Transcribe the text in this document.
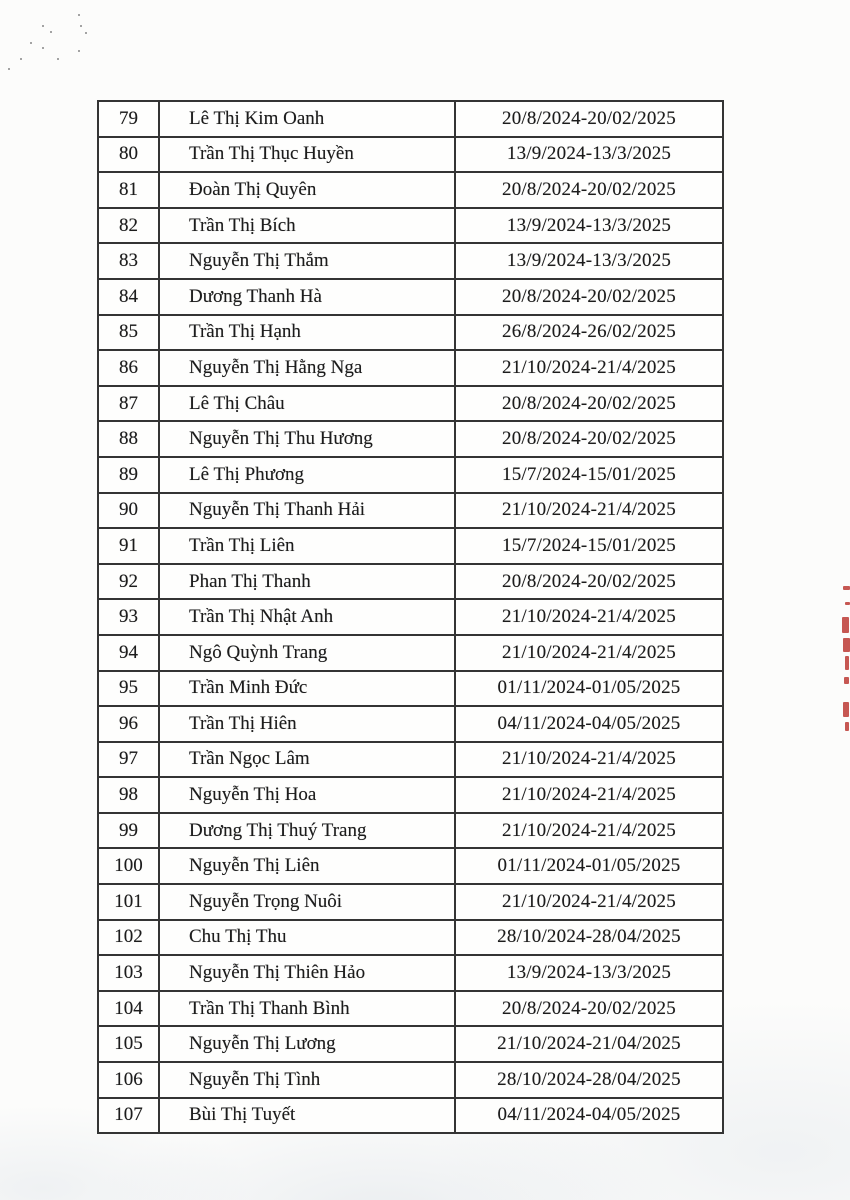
79	Lê Thị Kim Oanh	20/8/2024-20/02/2025
80	Trần Thị Thục Huyền	13/9/2024-13/3/2025
81	Đoàn Thị Quyên	20/8/2024-20/02/2025
82	Trần Thị Bích	13/9/2024-13/3/2025
83	Nguyễn Thị Thắm	13/9/2024-13/3/2025
84	Dương Thanh Hà	20/8/2024-20/02/2025
85	Trần Thị Hạnh	26/8/2024-26/02/2025
86	Nguyễn Thị Hằng Nga	21/10/2024-21/4/2025
87	Lê Thị Châu	20/8/2024-20/02/2025
88	Nguyễn Thị Thu Hương	20/8/2024-20/02/2025
89	Lê Thị Phương	15/7/2024-15/01/2025
90	Nguyễn Thị Thanh Hải	21/10/2024-21/4/2025
91	Trần Thị Liên	15/7/2024-15/01/2025
92	Phan Thị Thanh	20/8/2024-20/02/2025
93	Trần Thị Nhật Anh	21/10/2024-21/4/2025
94	Ngô Quỳnh Trang	21/10/2024-21/4/2025
95	Trần Minh Đức	01/11/2024-01/05/2025
96	Trần Thị Hiên	04/11/2024-04/05/2025
97	Trần Ngọc Lâm	21/10/2024-21/4/2025
98	Nguyễn Thị Hoa	21/10/2024-21/4/2025
99	Dương Thị Thuý Trang	21/10/2024-21/4/2025
100	Nguyễn Thị Liên	01/11/2024-01/05/2025
101	Nguyễn Trọng Nuôi	21/10/2024-21/4/2025
102	Chu Thị Thu	28/10/2024-28/04/2025
103	Nguyễn Thị Thiên Hảo	13/9/2024-13/3/2025
104	Trần Thị Thanh Bình	20/8/2024-20/02/2025
105	Nguyễn Thị Lương	21/10/2024-21/04/2025
106	Nguyễn Thị Tình	28/10/2024-28/04/2025
107	Bùi Thị Tuyết	04/11/2024-04/05/2025
